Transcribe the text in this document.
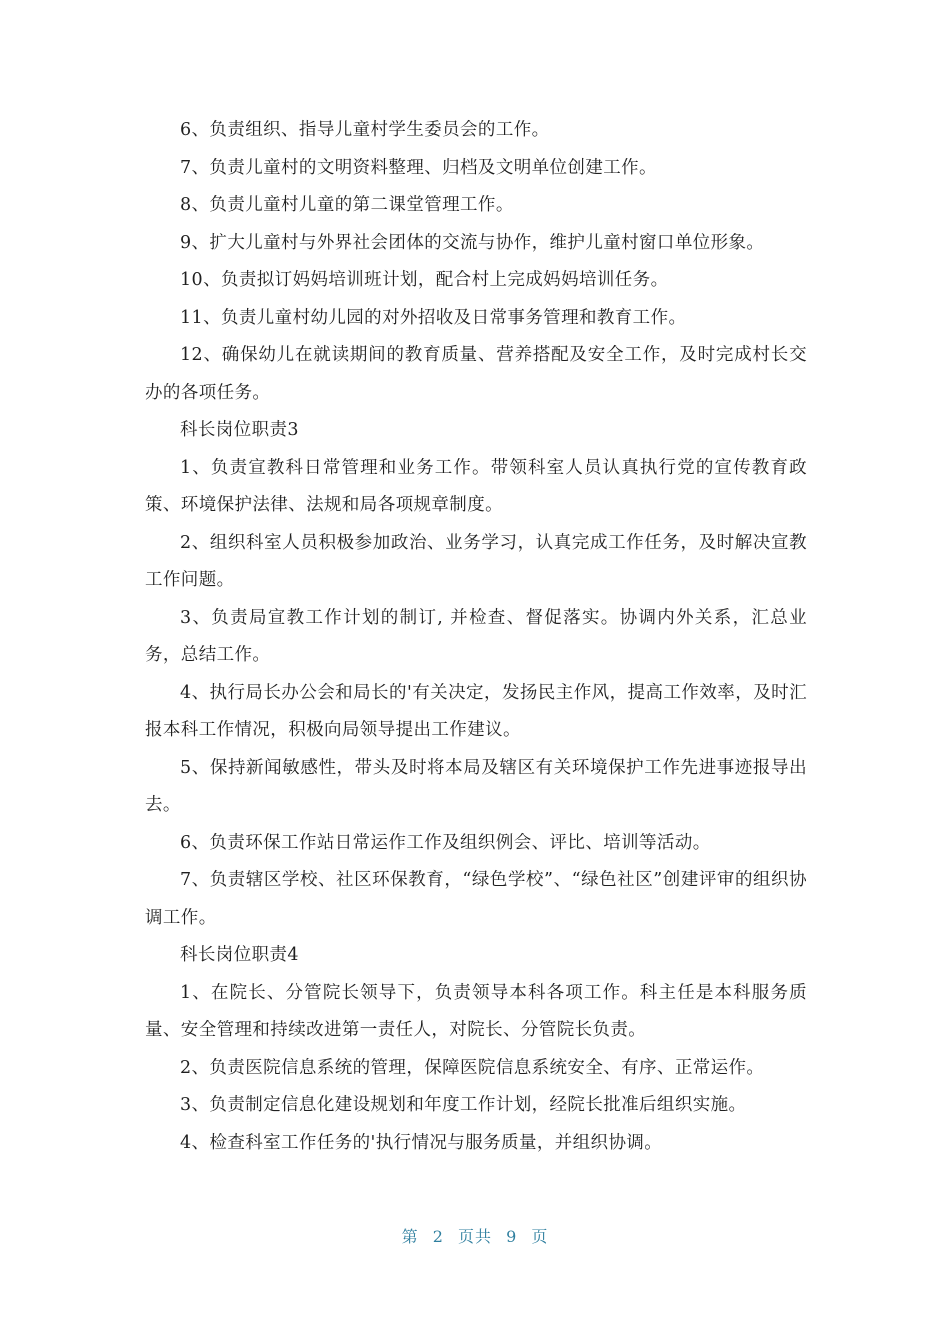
6、负责组织、指导儿童村学生委员会的工作。

7、负责儿童村的文明资料整理、归档及文明单位创建工作。

8、负责儿童村儿童的第二课堂管理工作。

9、扩大儿童村与外界社会团体的交流与协作，维护儿童村窗口单位形象。

10、负责拟订妈妈培训班计划，配合村上完成妈妈培训任务。

11、负责儿童村幼儿园的对外招收及日常事务管理和教育工作。

12、确保幼儿在就读期间的教育质量、营养搭配及安全工作，及时完成村长交办的各项任务。

科长岗位职责3

1、负责宣教科日常管理和业务工作。带领科室人员认真执行党的宣传教育政策、环境保护法律、法规和局各项规章制度。

2、组织科室人员积极参加政治、业务学习，认真完成工作任务，及时解决宣教工作问题。

3、负责局宣教工作计划的制订, 并检查、督促落实。协调内外关系，汇总业务，总结工作。

4、执行局长办公会和局长的'有关决定，发扬民主作风，提高工作效率，及时汇报本科工作情况，积极向局领导提出工作建议。

5、保持新闻敏感性，带头及时将本局及辖区有关环境保护工作先进事迹报导出去。

6、负责环保工作站日常运作工作及组织例会、评比、培训等活动。

7、负责辖区学校、社区环保教育，“绿色学校”、“绿色社区”创建评审的组织协调工作。

科长岗位职责4

1、在院长、分管院长领导下，负责领导本科各项工作。科主任是本科服务质量、安全管理和持续改进第一责任人，对院长、分管院长负责。

2、负责医院信息系统的管理，保障医院信息系统安全、有序、正常运作。

3、负责制定信息化建设规划和年度工作计划，经院长批准后组织实施。

4、检查科室工作任务的'执行情况与服务质量，并组织协调。

第 2 页共 9 页
